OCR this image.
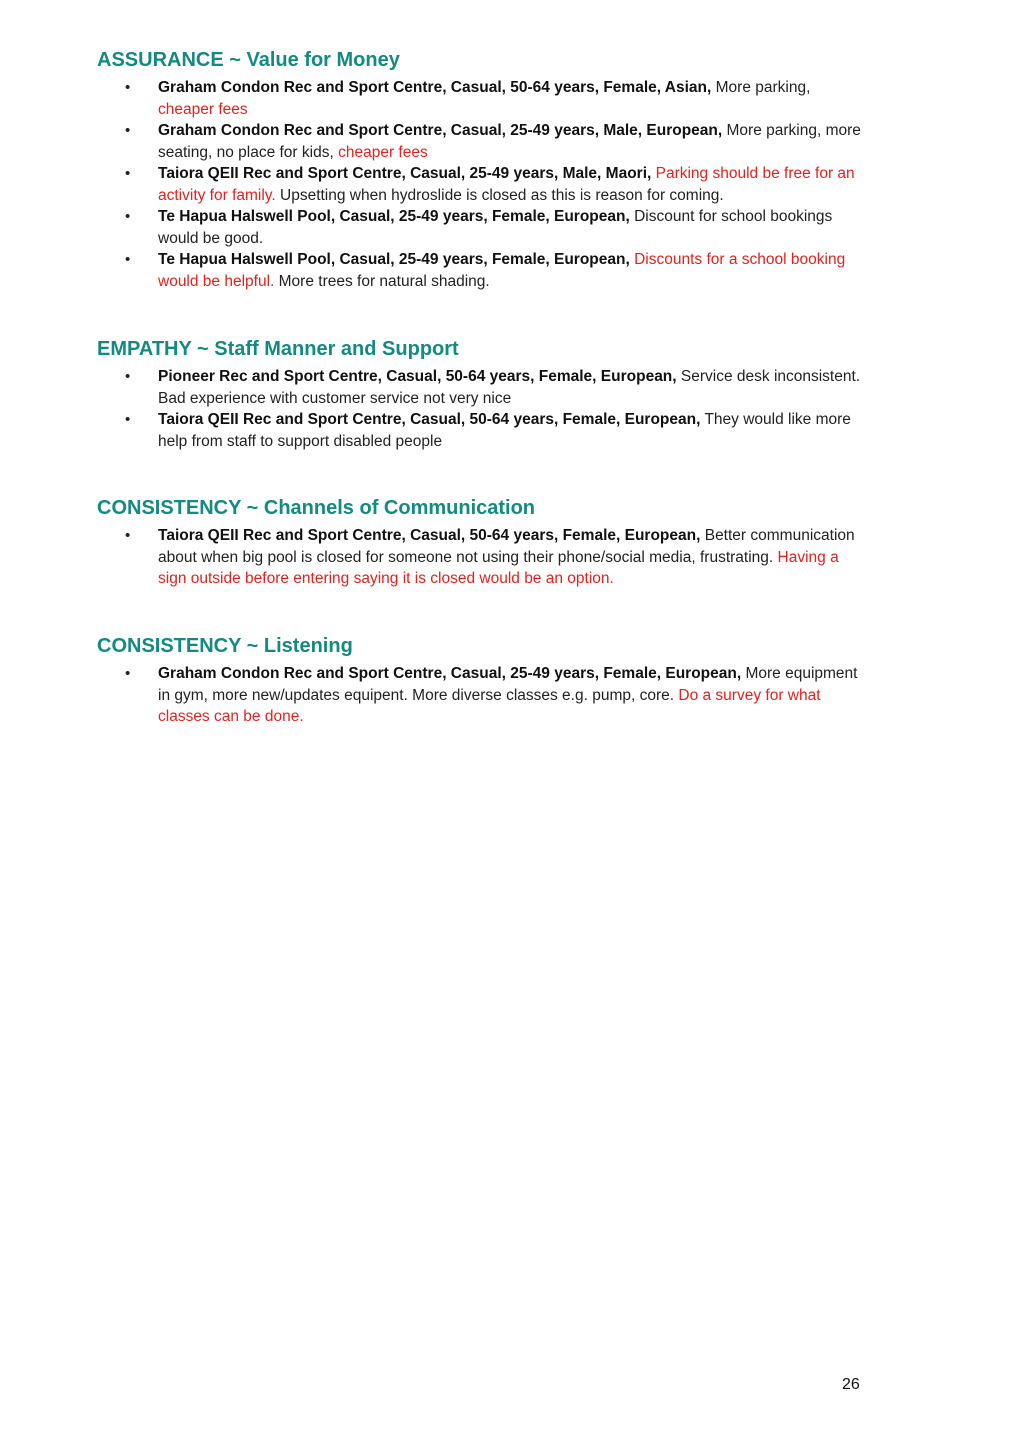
ASSURANCE ~ Value for Money
• Graham Condon Rec and Sport Centre, Casual, 50-64 years, Female, Asian, More parking, cheaper fees
• Graham Condon Rec and Sport Centre, Casual, 25-49 years, Male, European, More parking, more seating, no place for kids, cheaper fees
• Taiora QEII Rec and Sport Centre, Casual, 25-49 years, Male, Maori, Parking should be free for an activity for family. Upsetting when hydroslide is closed as this is reason for coming.
• Te Hapua Halswell Pool, Casual, 25-49 years, Female, European, Discount for school bookings would be good.
• Te Hapua Halswell Pool, Casual, 25-49 years, Female, European, Discounts for a school booking would be helpful. More trees for natural shading.
EMPATHY ~ Staff Manner and Support
• Pioneer Rec and Sport Centre, Casual, 50-64 years, Female, European, Service desk inconsistent. Bad experience with customer service not very nice
• Taiora QEII Rec and Sport Centre, Casual, 50-64 years, Female, European, They would like more help from staff to support disabled people
CONSISTENCY ~ Channels of Communication
• Taiora QEII Rec and Sport Centre, Casual, 50-64 years, Female, European, Better communication about when big pool is closed for someone not using their phone/social media, frustrating. Having a sign outside before entering saying it is closed would be an option.
CONSISTENCY ~ Listening
• Graham Condon Rec and Sport Centre, Casual, 25-49 years, Female, European, More equipment in gym, more new/updates equipent. More diverse classes e.g. pump, core. Do a survey for what classes can be done.
26
